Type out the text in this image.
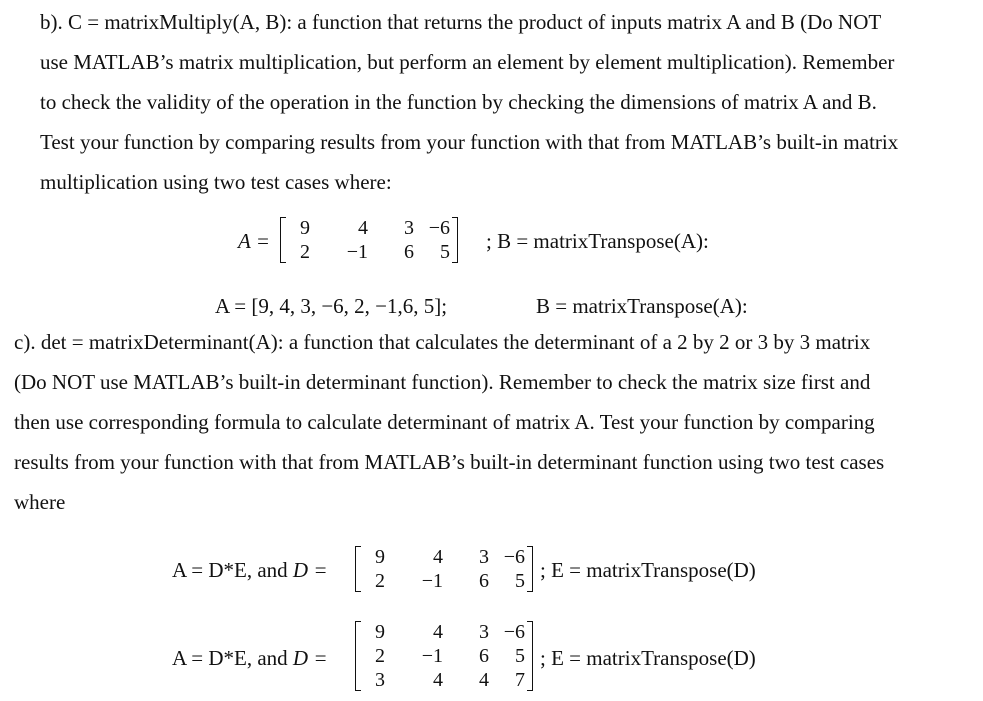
b). C = matrixMultiply(A, B): a function that returns the product of inputs matrix A and B (Do NOT
use MATLAB’s matrix multiplication, but perform an element by element multiplication). Remember
to check the validity of the operation in the function by checking the dimensions of matrix A and B.
Test your function by comparing results from your function with that from MATLAB’s built-in matrix
multiplication using two test cases where:
A =
9	4	3 −6
2	−1	6	5 ; B = matrixTranspose(A):
A = [9, 4, 3, −6, 2, −1,6, 5];	B = matrixTranspose(A):
c). det = matrixDeterminant(A): a function that calculates the determinant of a 2 by 2 or 3 by 3 matrix
(Do NOT use MATLAB’s built-in determinant function). Remember to check the matrix size first and
then use corresponding formula to calculate determinant of matrix A. Test your function by comparing
results from your function with that from MATLAB’s built-in determinant function using two test cases
where
A = D*E, and D =
9	4	3 −6
2	−1	6	5 ; E = matrixTranspose(D)
A = D*E, and D =
9	4	3 −6
2	−1	6	5
3	4	4	7
; E = matrixTranspose(D)
